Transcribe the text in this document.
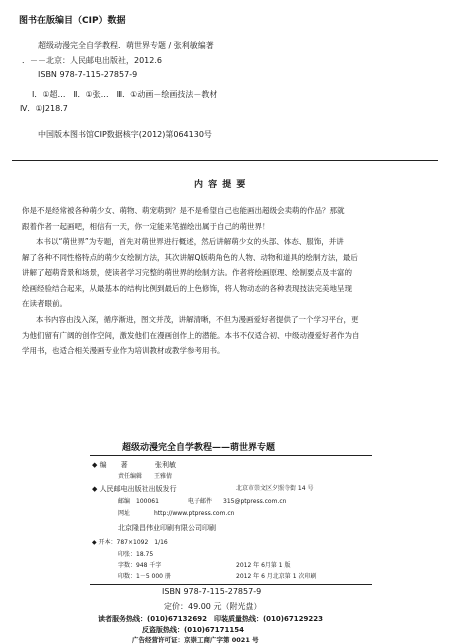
图书在版编目（CIP）数据
超级动漫完全自学教程．萌世界专题 / 张利敏编著
．－－北京：人民邮电出版社，2012.6
ISBN 978-7-115-27857-9
Ⅰ．①超…　Ⅱ．①张…　Ⅲ．①动画－绘画技法－教材
Ⅳ．①J218.7
中国版本图书馆CIP数据核字(2012)第064130号
内 容 提 要
你是不是经常被各种萌少女、萌物、萌宠萌到？是不是希望自己也能画出超级会卖萌的作品？那就
跟着作者一起画吧，相信有一天，你一定能来笔描绘出属于自己的萌世界！
本书以“萌世界”为专题，首先对萌世界进行概述，然后讲解萌少女的头部、体态、服饰，并讲
解了各种不同性格特点的萌少女绘制方法，其次讲解Q版萌角色的人物、动物和道具的绘制方法，最后
讲解了超萌背景和场景，使读者学习完整的萌世界的绘制方法。作者将绘画原理、绘制要点及丰富的
绘画经验结合起来，从最基本的结构比例到最后的上色修饰，将人物动态的各种表现技法完美地呈现
在读者眼前。
本书内容由浅入深，循序渐进，图文并茂，讲解清晰，不但为漫画爱好者提供了一个学习平台，更
为他们留有广阔的创作空间，激发他们在漫画创作上的潜能。本书不仅适合初、中级动漫爱好者作为自
学用书，也适合相关漫画专业作为培训教材或教学参考用书。
超级动漫完全自学教程——萌世界专题
◆ 编　　著	张利敏
责任编辑 王雅倩
◆ 人民邮电出版社出版发行	北京市崇文区夕照寺街 14 号
邮编　100061	电子邮件 315@ptpress.com.cn
网址	http://www.ptpress.com.cn
北京隆昌伟业印刷有限公司印刷
◆ 开本：787×1092　1/16
印张：18.75
字数：948 千字	2012 年 6月第 1 版
印数：1－5 000 册	2012 年 6 月北京第 1 次印刷
ISBN 978-7-115-27857-9
定价：49.00 元（附光盘）
读者服务热线：(010)67132692　印装质量热线：(010)67129223
反盗版热线：(010)67171154
广告经营许可证：京崇工商广字第 0021 号
